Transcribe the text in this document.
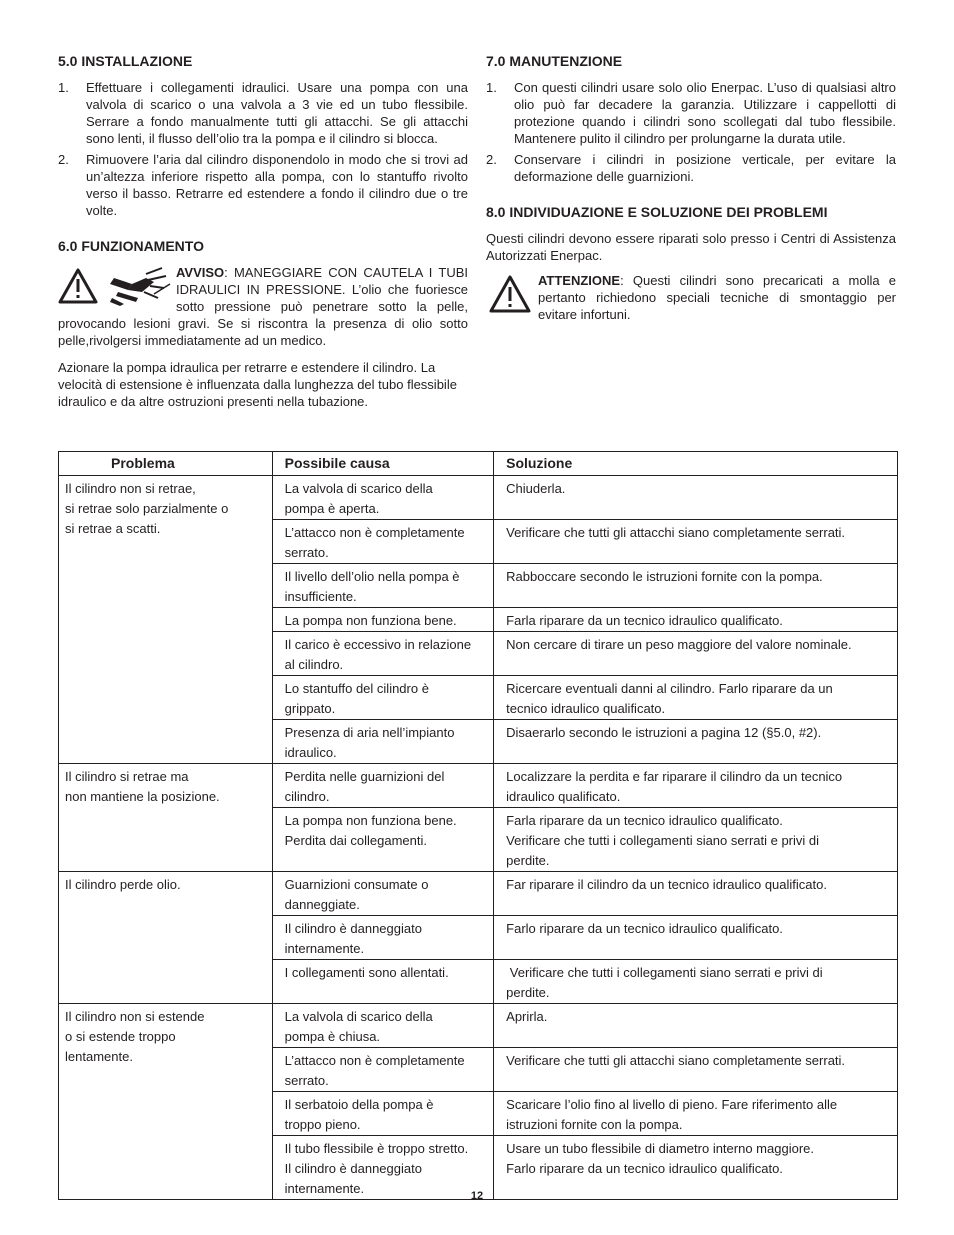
5.0 INSTALLAZIONE
1. Effettuare i collegamenti idraulici. Usare una pompa con una valvola di scarico o una valvola a 3 vie ed un tubo flessibile. Serrare a fondo manualmente tutti gli attacchi. Se gli attacchi sono lenti, il flusso dell’olio tra la pompa e il cilindro si blocca.
2. Rimuovere l’aria dal cilindro disponendolo in modo che si trovi ad un’altezza inferiore rispetto alla pompa, con lo stantuffo rivolto verso il basso. Retrarre ed estendere a fondo il cilindro due o tre volte.
6.0 FUNZIONAMENTO
AVVISO: MANEGGIARE CON CAUTELA I TUBI IDRAULICI IN PRESSIONE. L’olio che fuoriesce sotto pressione può penetrare sotto la pelle, provocando lesioni gravi. Se si riscontra la presenza di olio sotto pelle,rivolgersi immediatamente ad un medico.

Azionare la pompa idraulica per retrarre e estendere il cilindro. La velocità di estensione è influenzata dalla lunghezza del tubo flessibile idraulico e da altre ostruzioni presenti nella tubazione.

7.0 MANUTENZIONE
1. Con questi cilindri usare solo olio Enerpac. L’uso di qualsiasi altro olio può far decadere la garanzia. Utilizzare i cappellotti di protezione quando i cilindri sono scollegati dal tubo flessibile. Mantenere pulito il cilindro per prolungarne la durata utile.
2. Conservare i cilindri in posizione verticale, per evitare la deformazione delle guarnizioni.
8.0 INDIVIDUAZIONE E SOLUZIONE DEI PROBLEMI

Questi cilindri devono essere riparati solo presso i Centri di Assistenza Autorizzati Enerpac.

ATTENZIONE: Questi cilindri sono precaricati a molla e pertanto richiedono speciali tecniche di smontaggio per evitare infortuni.
Problema	Possibile causa	Soluzione

Il cilindro non si retrae,
si retrae solo parzialmente o
si retrae a scatti.	La valvola di scarico della
pompa è aperta.	Chiuderla.

	L’attacco non è completamente
serrato.	Verificare che tutti gli attacchi siano completamente serrati.

	Il livello dell’olio nella pompa è
insufficiente.	Rabboccare secondo le istruzioni fornite con la pompa.

	La pompa non funziona bene.	Farla riparare da un tecnico idraulico qualificato.

	Il carico è eccessivo in relazione
al cilindro.	Non cercare di tirare un peso maggiore del valore nominale.

	Lo stantuffo del cilindro è
grippato.	Ricercare eventuali danni al cilindro. Farlo riparare da un
tecnico idraulico qualificato.

	Presenza di aria nell’impianto
idraulico.	Disaerarlo secondo le istruzioni a pagina 12 (§5.0, #2).

Il cilindro si retrae ma
non mantiene la posizione.	Perdita nelle guarnizioni del
cilindro.	Localizzare la perdita e far riparare il cilindro da un tecnico
idraulico qualificato.

	La pompa non funziona bene.
Perdita dai collegamenti.	Farla riparare da un tecnico idraulico qualificato.
Verificare che tutti i collegamenti siano serrati e privi di
perdite.

Il cilindro perde olio.	Guarnizioni consumate o
danneggiate.	Far riparare il cilindro da un tecnico idraulico qualificato.

	Il cilindro è danneggiato
internamente.	Farlo riparare da un tecnico idraulico qualificato.

	I collegamenti sono allentati.	Verificare che tutti i collegamenti siano serrati e privi di
perdite.

Il cilindro non si estende
o si estende troppo
lentamente.	La valvola di scarico della
pompa è chiusa.	Aprirla.

	L’attacco non è completamente
serrato.	Verificare che tutti gli attacchi siano completamente serrati.

	Il serbatoio della pompa è
troppo pieno.	Scaricare l’olio fino al livello di pieno. Fare riferimento alle
istruzioni fornite con la pompa.

	Il tubo flessibile è troppo stretto.
Il cilindro è danneggiato
internamente.	Usare un tubo flessibile di diametro interno maggiore.
Farlo riparare da un tecnico idraulico qualificato.
12
